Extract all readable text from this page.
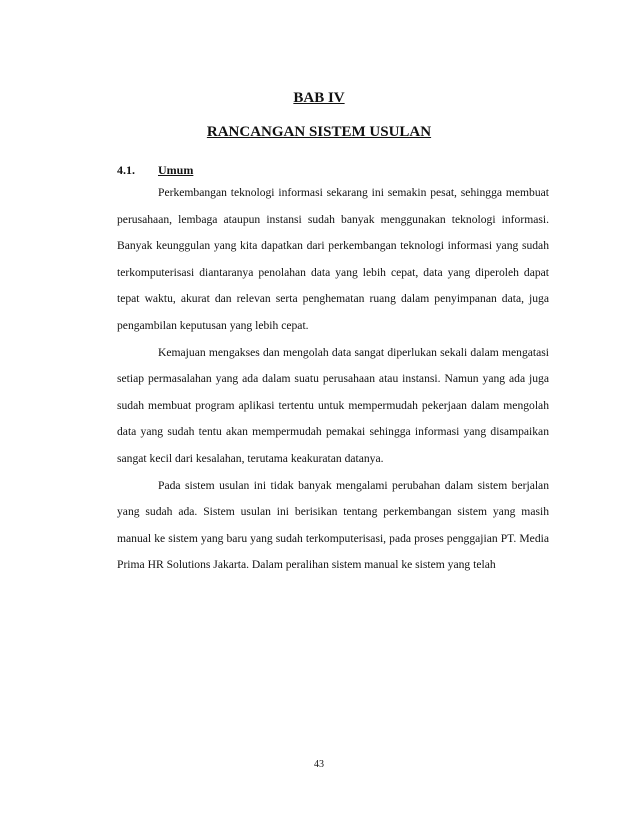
BAB IV
RANCANGAN SISTEM USULAN
4.1. Umum

Perkembangan teknologi informasi sekarang ini semakin pesat, sehingga membuat perusahaan, lembaga ataupun instansi sudah banyak menggunakan teknologi informasi. Banyak keunggulan yang kita dapatkan dari perkembangan teknologi informasi yang sudah terkomputerisasi diantaranya penolahan data yang lebih cepat, data yang diperoleh dapat tepat waktu, akurat dan relevan serta penghematan ruang dalam penyimpanan data, juga pengambilan keputusan yang lebih cepat.

Kemajuan mengakses dan mengolah data sangat diperlukan sekali dalam mengatasi setiap permasalahan yang ada dalam suatu perusahaan atau instansi. Namun yang ada juga sudah membuat program aplikasi tertentu untuk mempermudah pekerjaan dalam mengolah data yang sudah tentu akan mempermudah pemakai sehingga informasi yang disampaikan sangat kecil dari kesalahan, terutama keakuratan datanya.

Pada sistem usulan ini tidak banyak mengalami perubahan dalam sistem berjalan yang sudah ada. Sistem usulan ini berisikan tentang perkembangan sistem yang masih manual ke sistem yang baru yang sudah terkomputerisasi, pada proses penggajian PT. Media Prima HR Solutions Jakarta. Dalam peralihan sistem manual ke sistem yang telah

43
